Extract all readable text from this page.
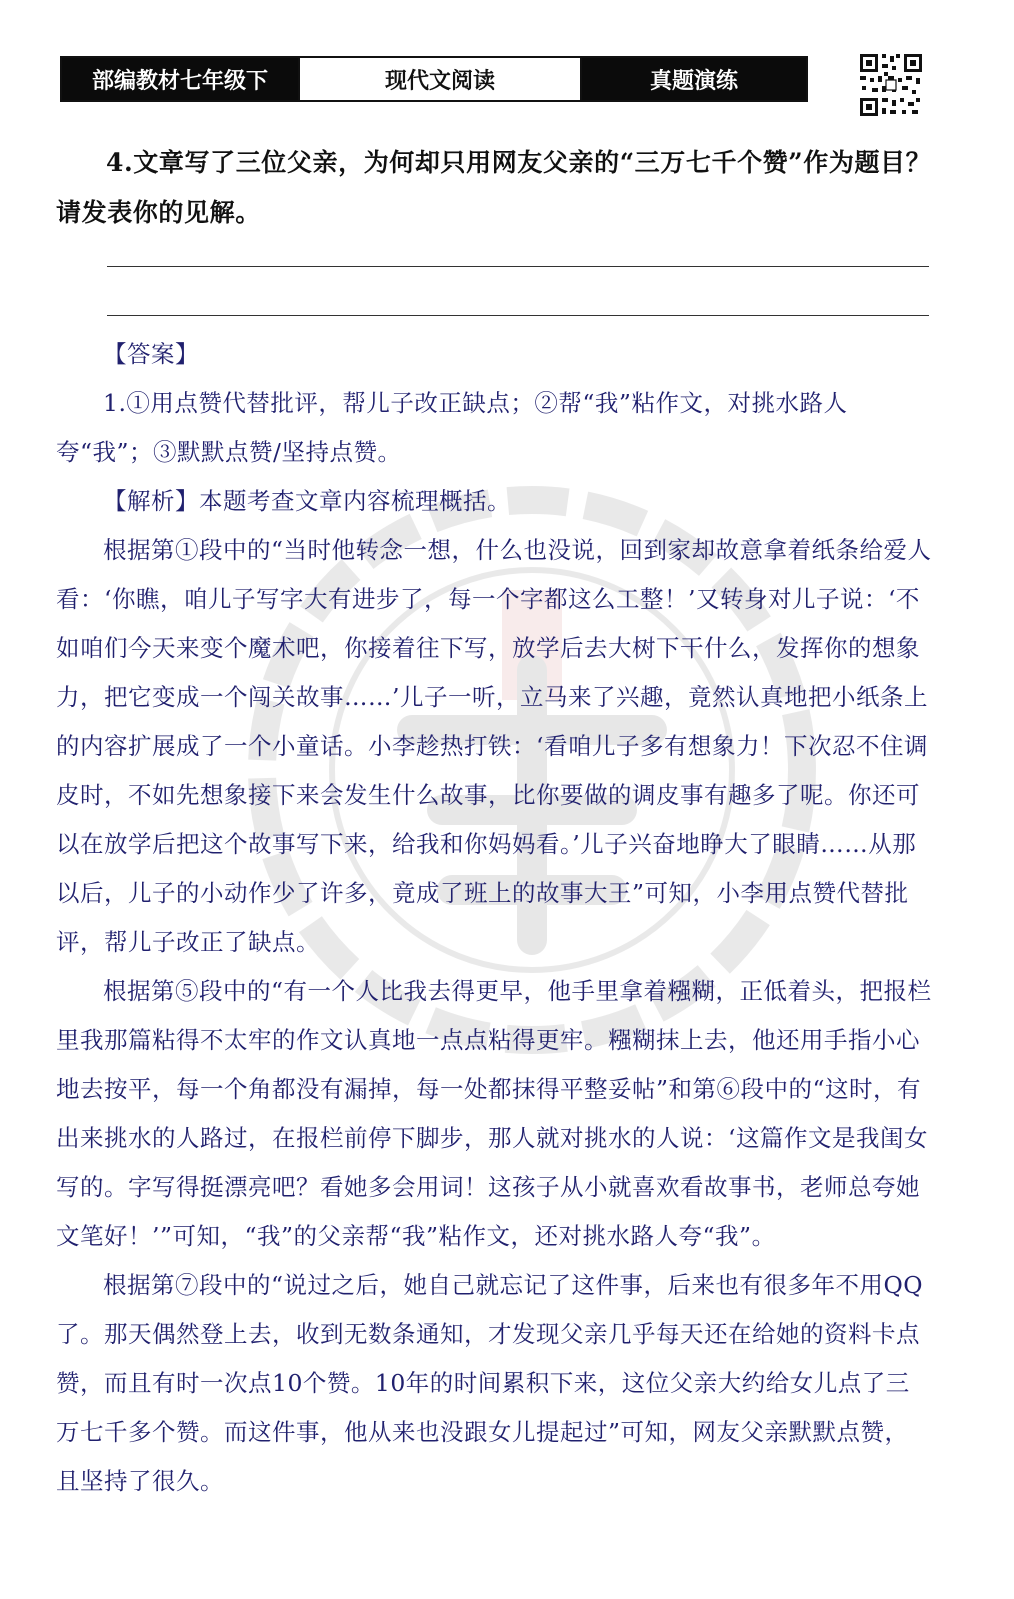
部编教材七年级下	现代文阅读	真题演练
4.文章写了三位父亲，为何却只用网友父亲的“三万七千个赞”作为题目？请发表你的见解。

【答案】

1.①用点赞代替批评，帮儿子改正缺点；②帮“我”粘作文，对挑水路人夸“我”；③默默点赞/坚持点赞。

【解析】本题考查文章内容梳理概括。

根据第①段中的“当时他转念一想，什么也没说，回到家却故意拿着纸条给爱人看：‘你瞧，咱儿子写字大有进步了，每一个字都这么工整！’又转身对儿子说：‘不如咱们今天来变个魔术吧，你接着往下写，放学后去大树下干什么，发挥你的想象力，把它变成一个闯关故事……’儿子一听，立马来了兴趣，竟然认真地把小纸条上的内容扩展成了一个小童话。小李趁热打铁：‘看咱儿子多有想象力！下次忍不住调皮时，不如先想象接下来会发生什么故事，比你要做的调皮事有趣多了呢。你还可以在放学后把这个故事写下来，给我和你妈妈看。’儿子兴奋地睁大了眼睛……从那以后，儿子的小动作少了许多，竟成了班上的故事大王”可知，小李用点赞代替批评，帮儿子改正了缺点。

根据第⑤段中的“有一个人比我去得更早，他手里拿着糨糊，正低着头，把报栏里我那篇粘得不太牢的作文认真地一点点粘得更牢。糨糊抹上去，他还用手指小心地去按平，每一个角都没有漏掉，每一处都抹得平整妥帖”和第⑥段中的“这时，有出来挑水的人路过，在报栏前停下脚步，那人就对挑水的人说：‘这篇作文是我闺女写的。字写得挺漂亮吧？看她多会用词！这孩子从小就喜欢看故事书，老师总夸她文笔好！’”可知，“我”的父亲帮“我”粘作文，还对挑水路人夸“我”。

根据第⑦段中的“说过之后，她自己就忘记了这件事，后来也有很多年不用QQ了。那天偶然登上去，收到无数条通知，才发现父亲几乎每天还在给她的资料卡点赞，而且有时一次点10个赞。10年的时间累积下来，这位父亲大约给女儿点了三万七千多个赞。而这件事，他从来也没跟女儿提起过”可知，网友父亲默默点赞，且坚持了很久。
